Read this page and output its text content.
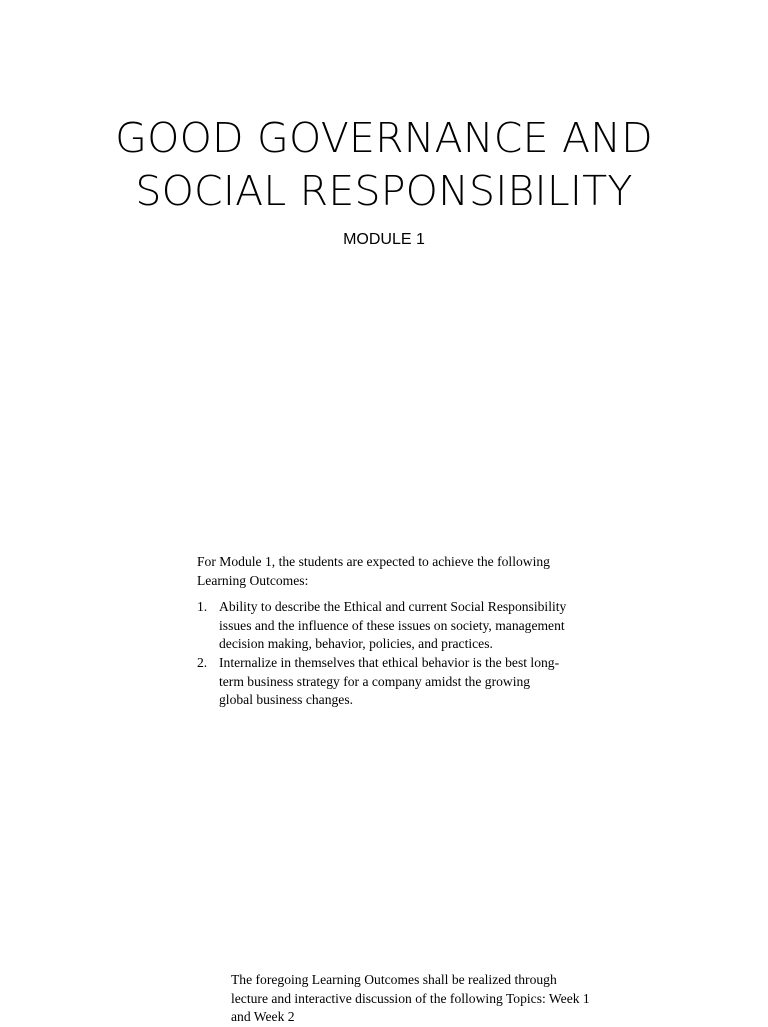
GOOD GOVERNANCE AND
SOCIAL RESPONSIBILITY
MODULE 1

For Module 1, the students are expected to achieve the following Learning Outcomes:

1. Ability to describe the Ethical and current Social Responsibility issues and the influence of these issues on society, management decision making, behavior, policies, and practices.
2. Internalize in themselves that ethical behavior is the best long-term business strategy for a company amidst the growing global business changes.
The foregoing Learning Outcomes shall be realized through lecture and interactive discussion of the following Topics: Week 1 and Week 2
